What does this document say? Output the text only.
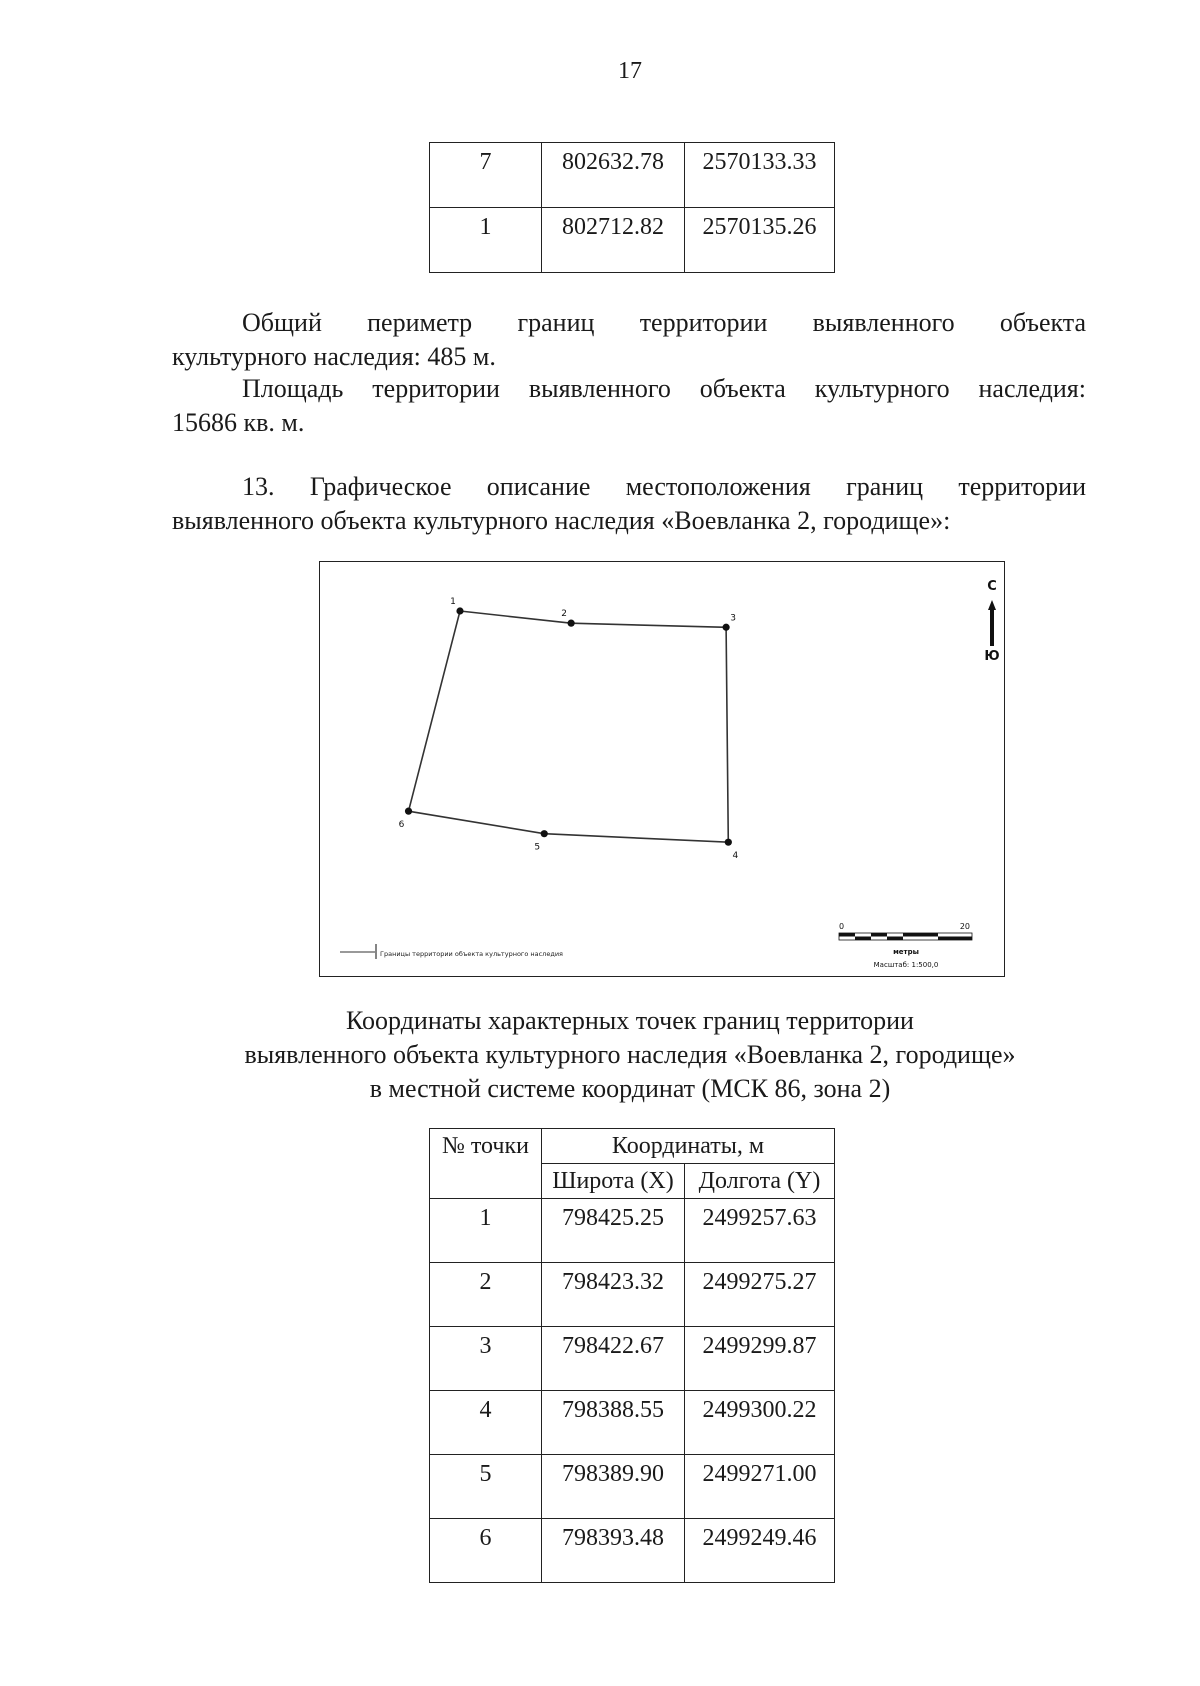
17
7	802632.78	2570133.33
1	802712.82	2570135.26
Общий периметр границ территории выявленного объекта
культурного наследия: 485 м.
Площадь территории выявленного объекта культурного наследия:
15686 кв. м.
13. Графическое описание местоположения границ территории
выявленного объекта культурного наследия «Воевланка 2, городище»:
1
2	3
4
5
6
С
Ю
Границы территории объекта культурного наследия
0	20
метры
Масштаб: 1:500,0
Координаты характерных точек границ территории
выявленного объекта культурного наследия «Воевланка 2, городище»
в местной системе координат (МСК 86, зона 2)
№ точки	Координаты, м	
	Широта (X)	Долгота (Y)
1	798425.25	2499257.63
2	798423.32	2499275.27
3	798422.67	2499299.87
4	798388.55	2499300.22
5	798389.90	2499271.00
6	798393.48	2499249.46
